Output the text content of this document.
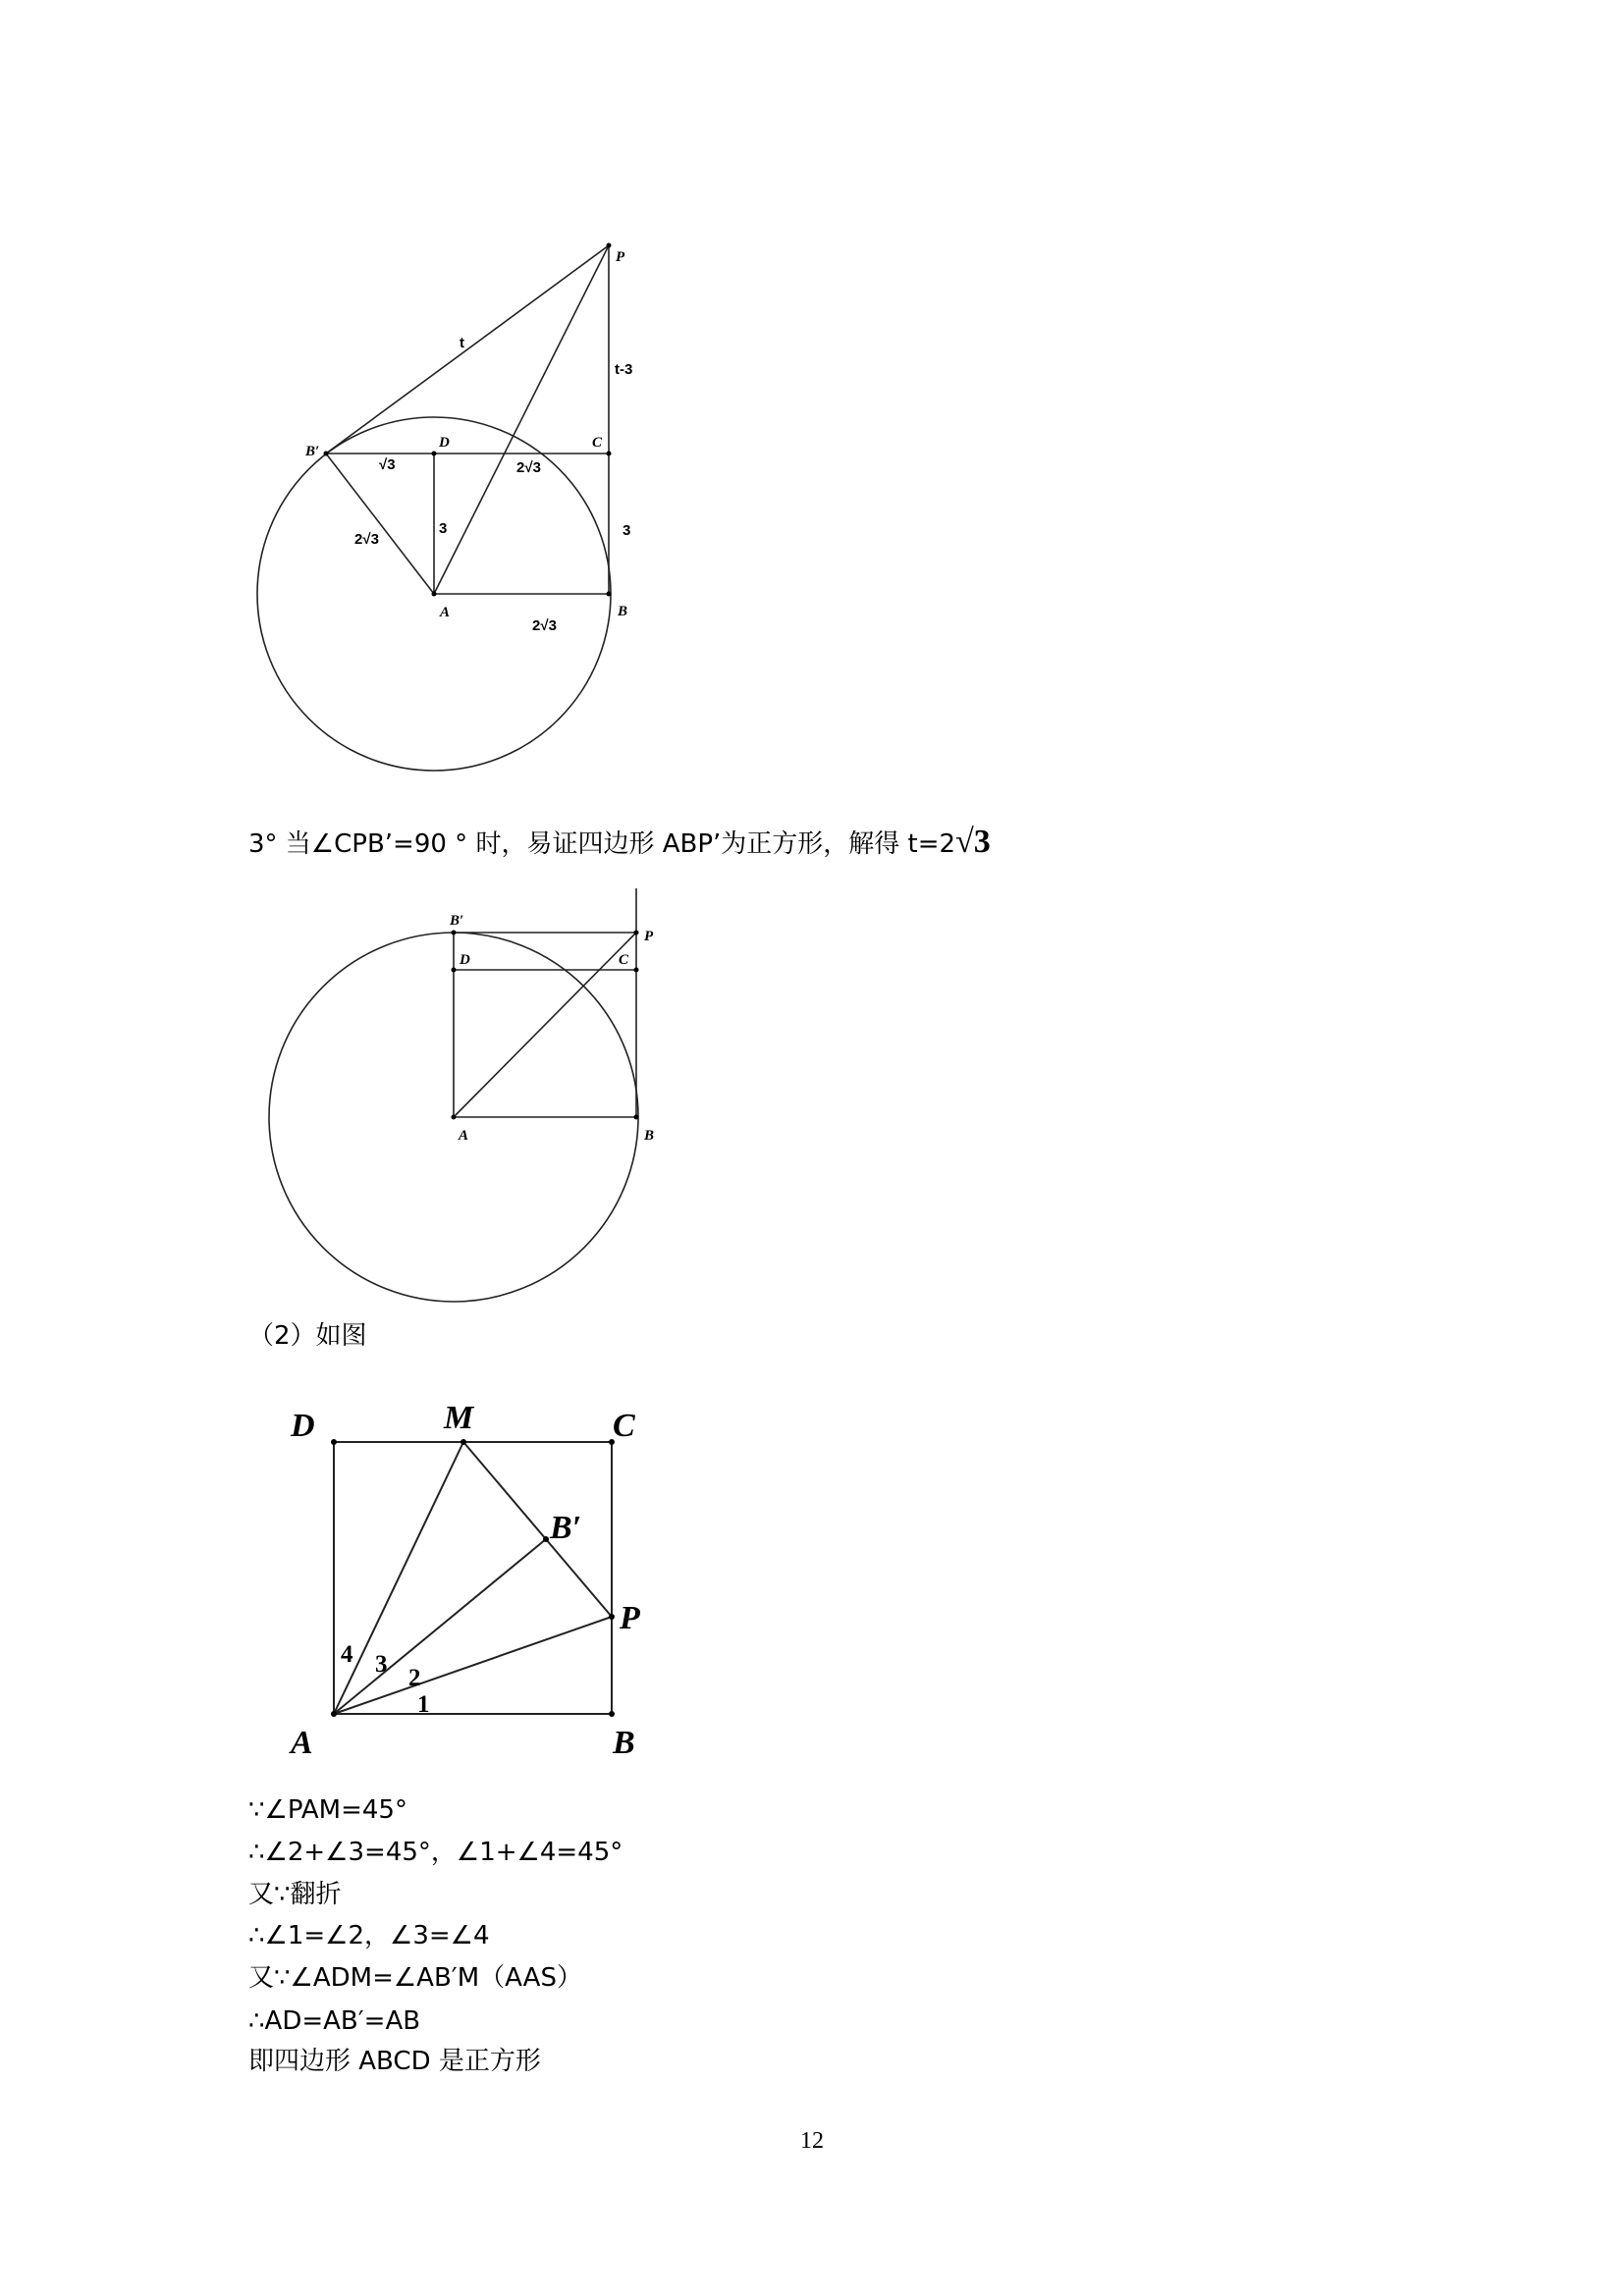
P
B′
D	C
A	B
t
t-3
√3	2√3
3	3
2√3
2√3
B′
P
D	C
A	B
D	M	C
B′
P
A	B
4 3
2
1
3° 当∠CPB’=90 ° 时，易证四边形 ABP’为正方形，解得 t=2√3
（2）如图
∵∠PAM=45°
∴∠2+∠3=45°，∠1+∠4=45°
又∵翻折
∴∠1=∠2，∠3=∠4
又∵∠ADM=∠AB′M（AAS）
∴AD=AB′=AB
即四边形 ABCD 是正方形
12
